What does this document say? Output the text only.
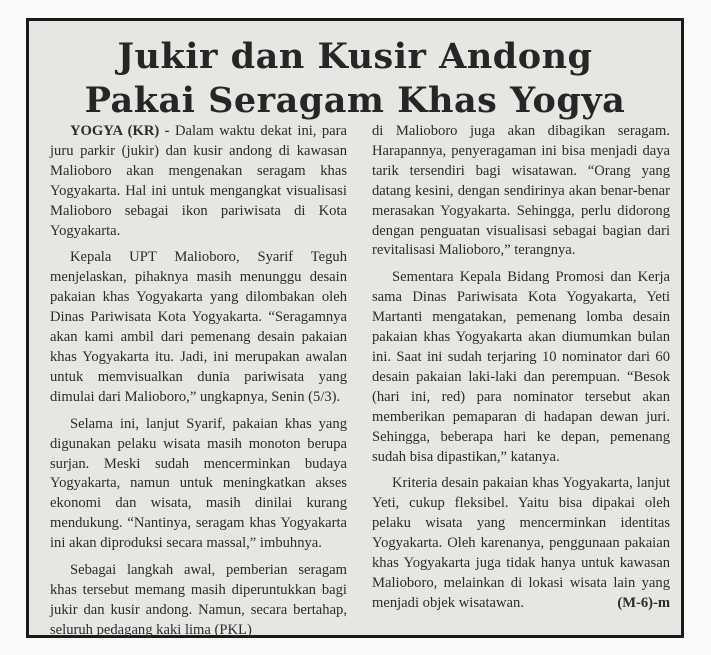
Jukir dan Kusir Andong
Pakai Seragam Khas Yogya

YOGYA (KR) - Dalam waktu dekat ini, para juru parkir (jukir) dan kusir andong di kawasan Malioboro akan mengenakan seragam khas Yogyakarta. Hal ini untuk mengangkat visualisasi Malioboro sebagai ikon pariwisata di Kota Yogyakarta.

Kepala UPT Malioboro, Syarif Teguh menjelaskan, pihaknya masih menunggu desain pakaian khas Yogyakarta yang dilombakan oleh Dinas Pariwisata Kota Yogyakarta. “Seragamnya akan kami ambil dari pemenang desain pakaian khas Yogyakarta itu. Jadi, ini merupakan awalan untuk memvisualkan dunia pariwisata yang dimulai dari Malioboro,” ungkapnya, Senin (5/3).

Selama ini, lanjut Syarif, pakaian khas yang digunakan pelaku wisata masih monoton berupa surjan. Meski sudah mencerminkan budaya Yogyakarta, namun untuk meningkatkan akses ekonomi dan wisata, masih dinilai kurang mendukung. “Nantinya, seragam khas Yogyakarta ini akan diproduksi secara massal,” imbuhnya.

Sebagai langkah awal, pemberian seragam khas tersebut memang masih diperuntukkan bagi jukir dan kusir andong. Namun, secara bertahap, seluruh pedagang kaki lima (PKL)

di Malioboro juga akan dibagikan seragam. Harapannya, penyeragaman ini bisa menjadi daya tarik tersendiri bagi wisatawan. “Orang yang datang kesini, dengan sendirinya akan benar-benar merasakan Yogyakarta. Sehingga, perlu didorong dengan penguatan visualisasi sebagai bagian dari revitalisasi Malioboro,” terangnya.

Sementara Kepala Bidang Promosi dan Kerja sama Dinas Pariwisata Kota Yogyakarta, Yeti Martanti mengatakan, pemenang lomba desain pakaian khas Yogyakarta akan diumumkan bulan ini. Saat ini sudah terjaring 10 nominator dari 60 desain pakaian laki-laki dan perempuan. “Besok (hari ini, red) para nominator tersebut akan memberikan pemaparan di hadapan dewan juri. Sehingga, beberapa hari ke depan, pemenang sudah bisa dipastikan,” katanya.

Kriteria desain pakaian khas Yogyakarta, lanjut Yeti, cukup fleksibel. Yaitu bisa dipakai oleh pelaku wisata yang mencerminkan identitas Yogyakarta. Oleh karenanya, penggunaan pakaian khas Yogyakarta juga tidak hanya untuk kawasan Malioboro, melainkan di lokasi wisata lain yang menjadi objek wisatawan.	(M-6)-m
